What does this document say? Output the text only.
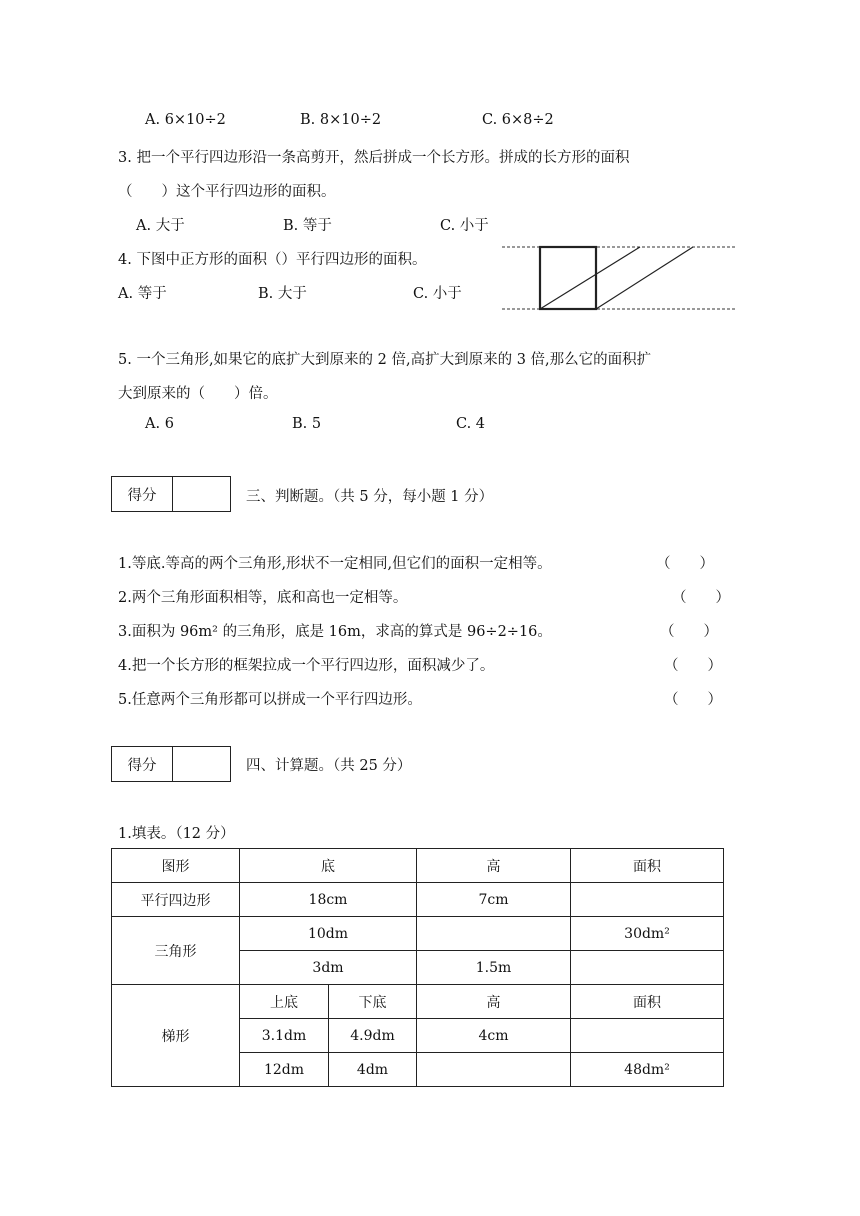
A. 6×10÷2	B. 8×10÷2	C. 6×8÷2
3. 把一个平行四边形沿一条高剪开，然后拼成一个长方形。拼成的长方形的面积
（　　）这个平行四边形的面积。
A. 大于	B. 等于	C. 小于
4. 下图中正方形的面积（）平行四边形的面积。
A. 等于	B. 大于	C. 小于
5. 一个三角形,如果它的底扩大到原来的 2 倍,高扩大到原来的 3 倍,那么它的面积扩
大到原来的（　　）倍。
A. 6	B. 5	C. 4
得分	三、判断题。（共 5 分，每小题 1 分）
1.等底.等高的两个三角形,形状不一定相同,但它们的面积一定相等。	（　　）
2.两个三角形面积相等，底和高也一定相等。	（　　）
3.面积为 96m² 的三角形，底是 16m，求高的算式是 96÷2÷16。	（　　）
4.把一个长方形的框架拉成一个平行四边形，面积减少了。	（　　）
5.任意两个三角形都可以拼成一个平行四边形。	（　　）
得分	四、计算题。（共 25 分）
1.填表。（12 分）
图形	底		高	面积
平行四边形	18cm		7cm	
三角形	10dm			30dm²
	3dm		1.5m	
梯形	上底	下底	高	面积
	3.1dm	4.9dm	4cm	
	12dm	4dm		48dm²
